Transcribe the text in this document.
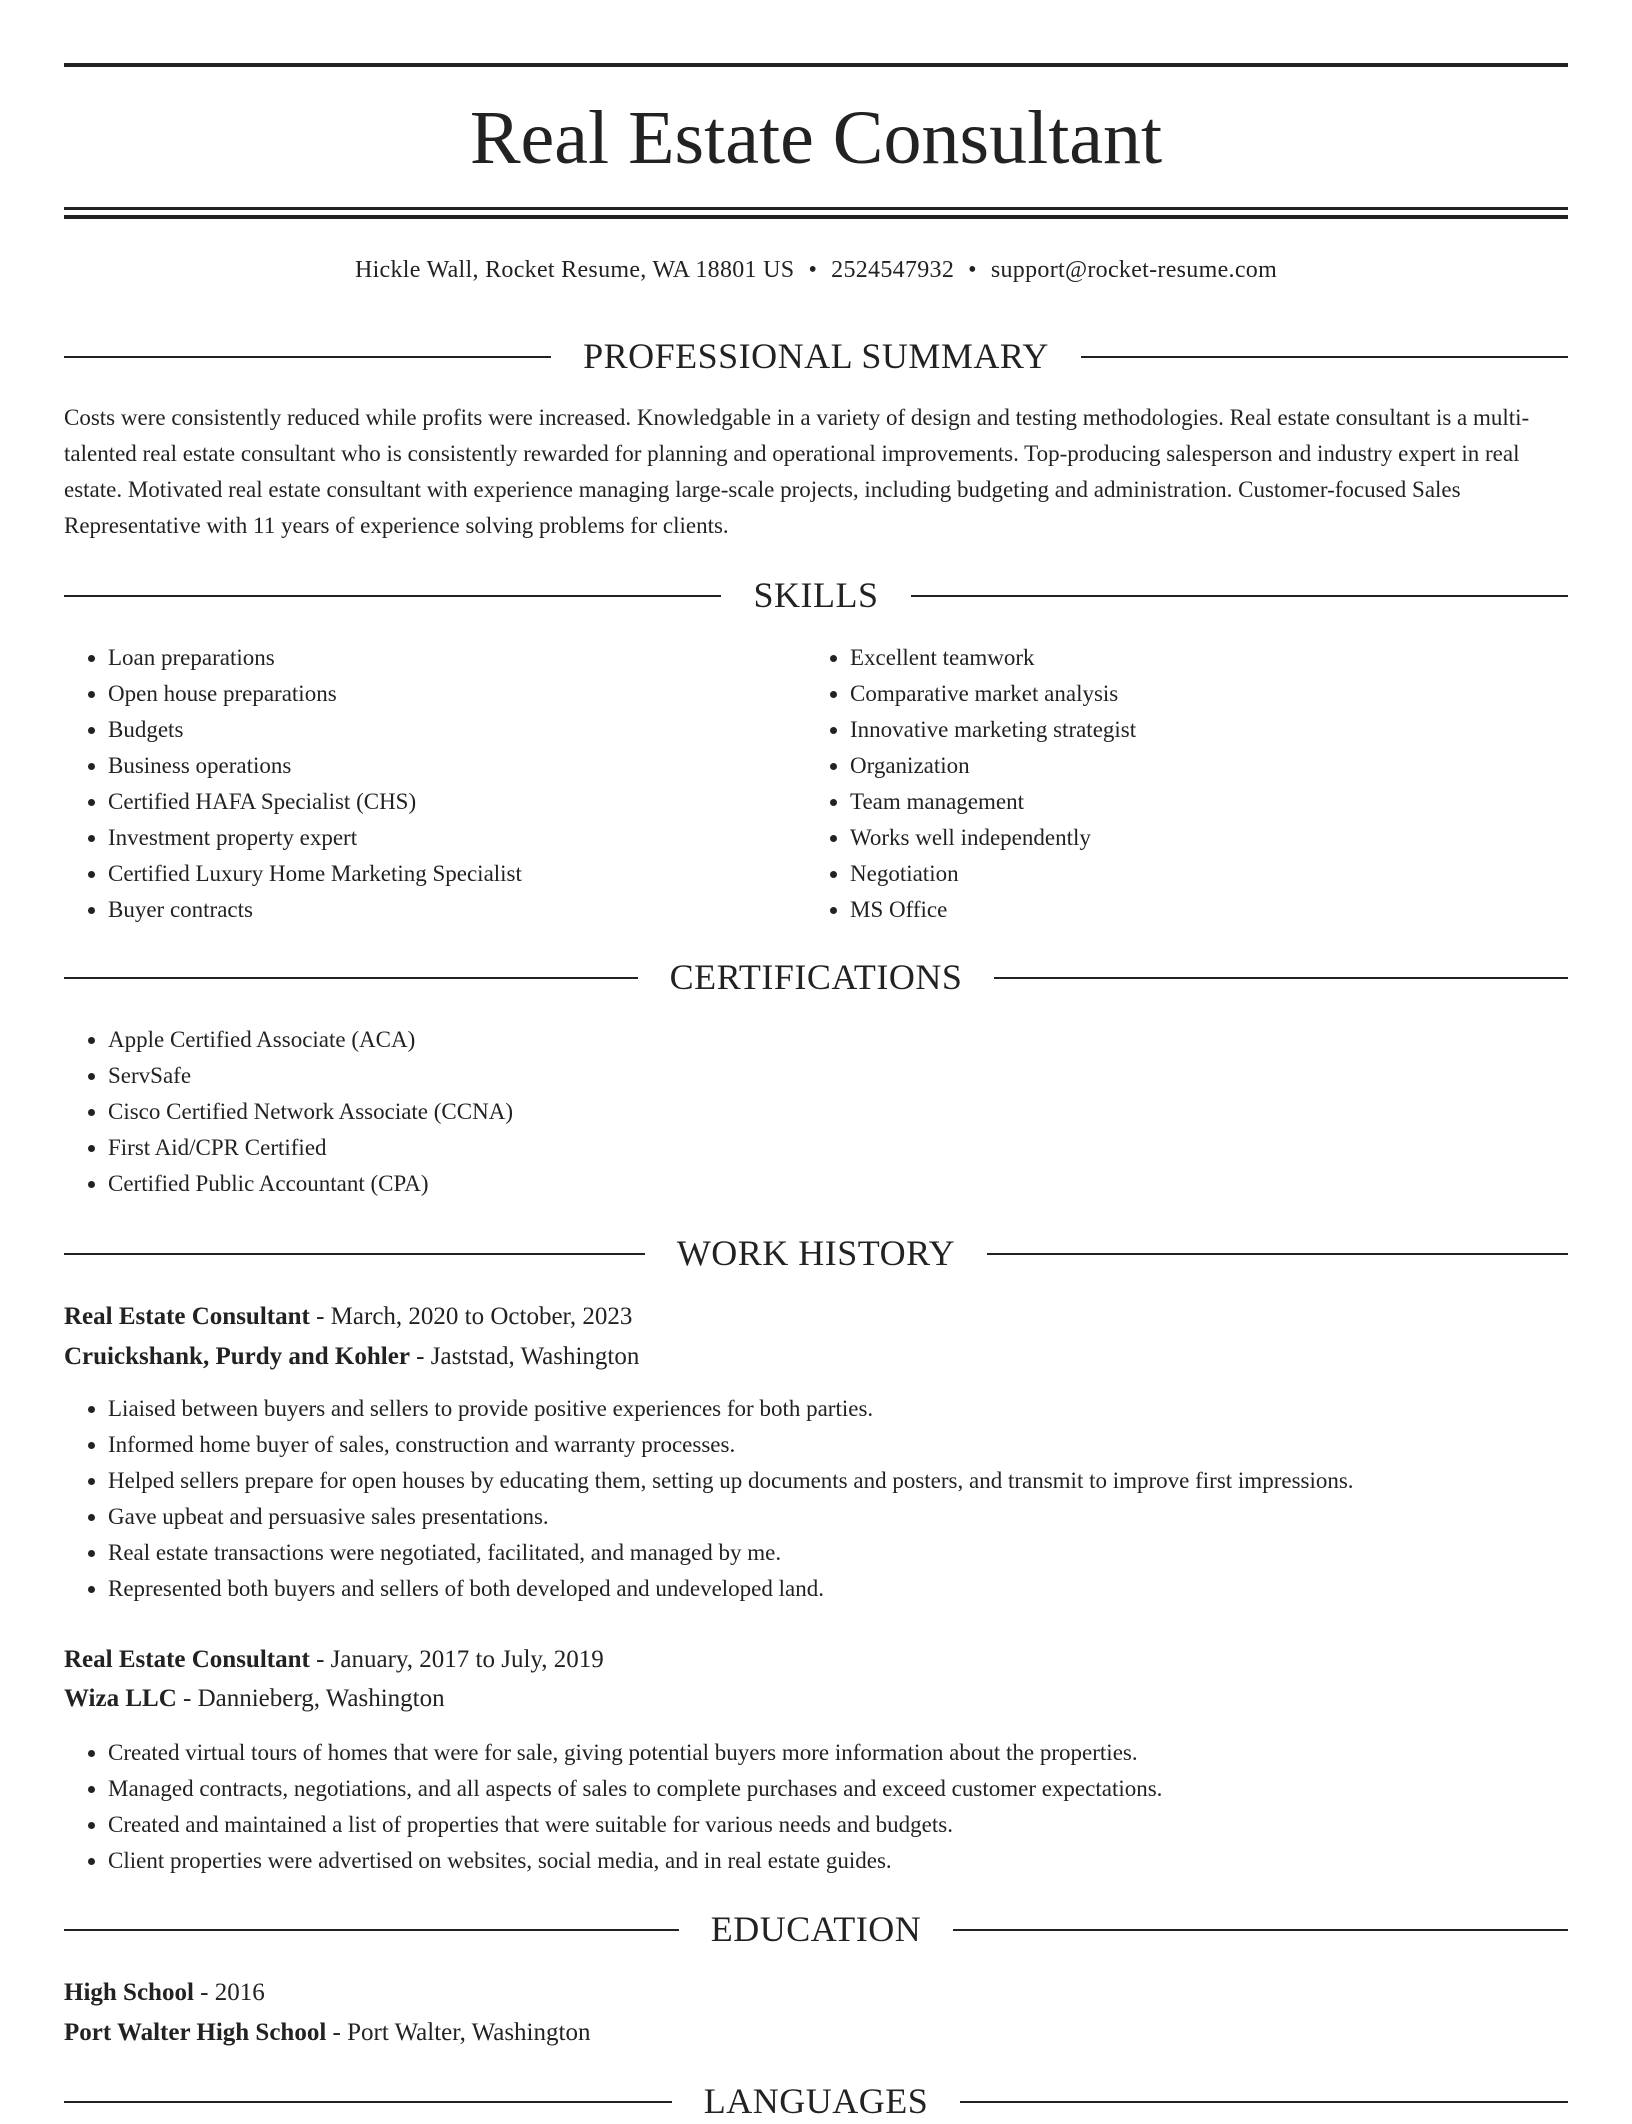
Real Estate Consultant
Hickle Wall, Rocket Resume, WA 18801 US • 2524547932 • support@rocket-resume.com
PROFESSIONAL SUMMARY
Costs were consistently reduced while profits were increased. Knowledgable in a variety of design and testing methodologies. Real estate consultant is a multi-talented real estate consultant who is consistently rewarded for planning and operational improvements. Top-producing salesperson and industry expert in real estate. Motivated real estate consultant with experience managing large-scale projects, including budgeting and administration. Customer-focused Sales Representative with 11 years of experience solving problems for clients.
SKILLS
• Loan preparations
• Open house preparations
• Budgets
• Business operations
• Certified HAFA Specialist (CHS)
• Investment property expert
• Certified Luxury Home Marketing Specialist
• Buyer contracts
• Excellent teamwork
• Comparative market analysis
• Innovative marketing strategist
• Organization
• Team management
• Works well independently
• Negotiation
• MS Office
CERTIFICATIONS
• Apple Certified Associate (ACA)
• ServSafe
• Cisco Certified Network Associate (CCNA)
• First Aid/CPR Certified
• Certified Public Accountant (CPA)
WORK HISTORY
Real Estate Consultant - March, 2020 to October, 2023
Cruickshank, Purdy and Kohler - Jaststad, Washington
• Liaised between buyers and sellers to provide positive experiences for both parties.
• Informed home buyer of sales, construction and warranty processes.
• Helped sellers prepare for open houses by educating them, setting up documents and posters, and transmit to improve first impressions.
• Gave upbeat and persuasive sales presentations.
• Real estate transactions were negotiated, facilitated, and managed by me.
• Represented both buyers and sellers of both developed and undeveloped land.
Real Estate Consultant - January, 2017 to July, 2019
Wiza LLC - Dannieberg, Washington
• Created virtual tours of homes that were for sale, giving potential buyers more information about the properties.
• Managed contracts, negotiations, and all aspects of sales to complete purchases and exceed customer expectations.
• Created and maintained a list of properties that were suitable for various needs and budgets.
• Client properties were advertised on websites, social media, and in real estate guides.
EDUCATION
High School - 2016
Port Walter High School - Port Walter, Washington
LANGUAGES
